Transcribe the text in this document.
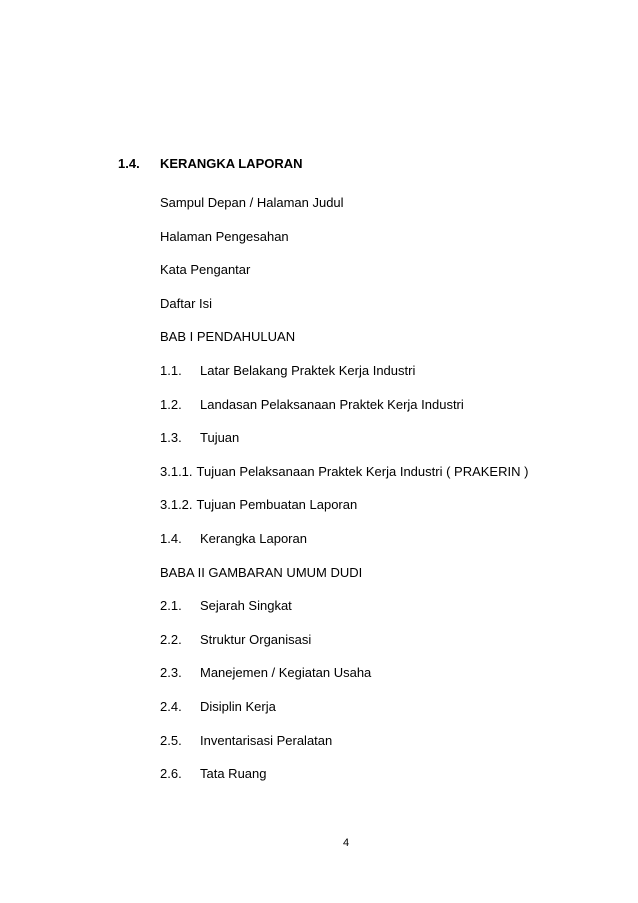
1.4. KERANGKA LAPORAN
Sampul Depan / Halaman Judul
Halaman Pengesahan
Kata Pengantar
Daftar Isi
BAB I PENDAHULUAN
1.1. Latar Belakang Praktek Kerja Industri
1.2. Landasan Pelaksanaan Praktek Kerja Industri
1.3. Tujuan
3.1.1. Tujuan Pelaksanaan Praktek Kerja Industri ( PRAKERIN )
3.1.2. Tujuan Pembuatan Laporan
1.4. Kerangka Laporan
BABA II GAMBARAN UMUM DUDI
2.1. Sejarah Singkat
2.2. Struktur Organisasi
2.3. Manejemen / Kegiatan Usaha
2.4. Disiplin Kerja
2.5. Inventarisasi Peralatan
2.6. Tata Ruang
4
